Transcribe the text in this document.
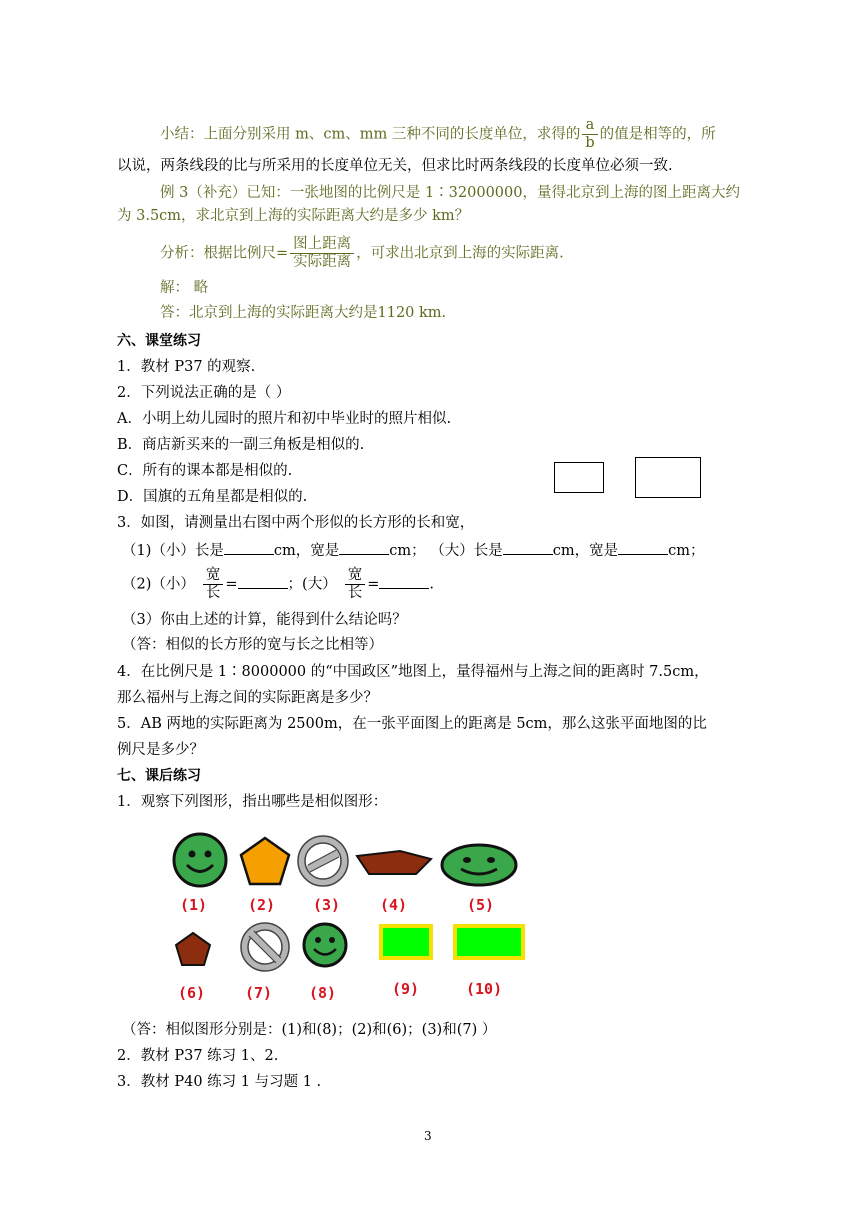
小结：上面分别采用 m、cm、mm 三种不同的长度单位，求得的 $\frac{a}{b}$ 的值是相等的，所
以说，两条线段的比与所采用的长度单位无关，但求比时两条线段的长度单位必须一致.
例 3（补充）已知：一张地图的比例尺是 1∶32000000，量得北京到上海的图上距离大约
为 3.5cm，求北京到上海的实际距离大约是多少 km？
分析：根据比例尺= $\frac{\text{图上距离}}{\text{实际距离}}$ ，可求出北京到上海的实际距离.
解： 略
答：北京到上海的实际距离大约是1120 km.
六、课堂练习
1．教材 P37 的观察.
2．下列说法正确的是（ ）
A．小明上幼儿园时的照片和初中毕业时的照片相似.
B．商店新买来的一副三角板是相似的.
C．所有的课本都是相似的.
D．国旗的五角星都是相似的.
3．如图，请测量出右图中两个形似的长方形的长和宽，
（1)（小）长是	cm，宽是	cm； （大）长是	cm，宽是	cm；
（2)（小） $\frac{\text{宽}}{\text{长}}$ =	；(大） $\frac{\text{宽}}{\text{长}}$ =	.
（3）你由上述的计算，能得到什么结论吗？
（答：相似的长方形的宽与长之比相等）
4．在比例尺是 1∶8000000 的“中国政区”地图上，量得福州与上海之间的距离时 7.5cm，
那么福州与上海之间的实际距离是多少？
5．AB 两地的实际距离为 2500m，在一张平面图上的距离是 5cm，那么这张平面地图的比
例尺是多少？
七、课后练习
1．观察下列图形，指出哪些是相似图形：
(1)	(2)	(3)	(4)	(5)
(6)	(7) (8)	(9)	(10)
（答：相似图形分别是：(1)和(8)；(2)和(6)；(3)和(7) ）
2．教材 P37 练习 1、2.
3．教材 P40 练习 1 与习题 1 .
3
